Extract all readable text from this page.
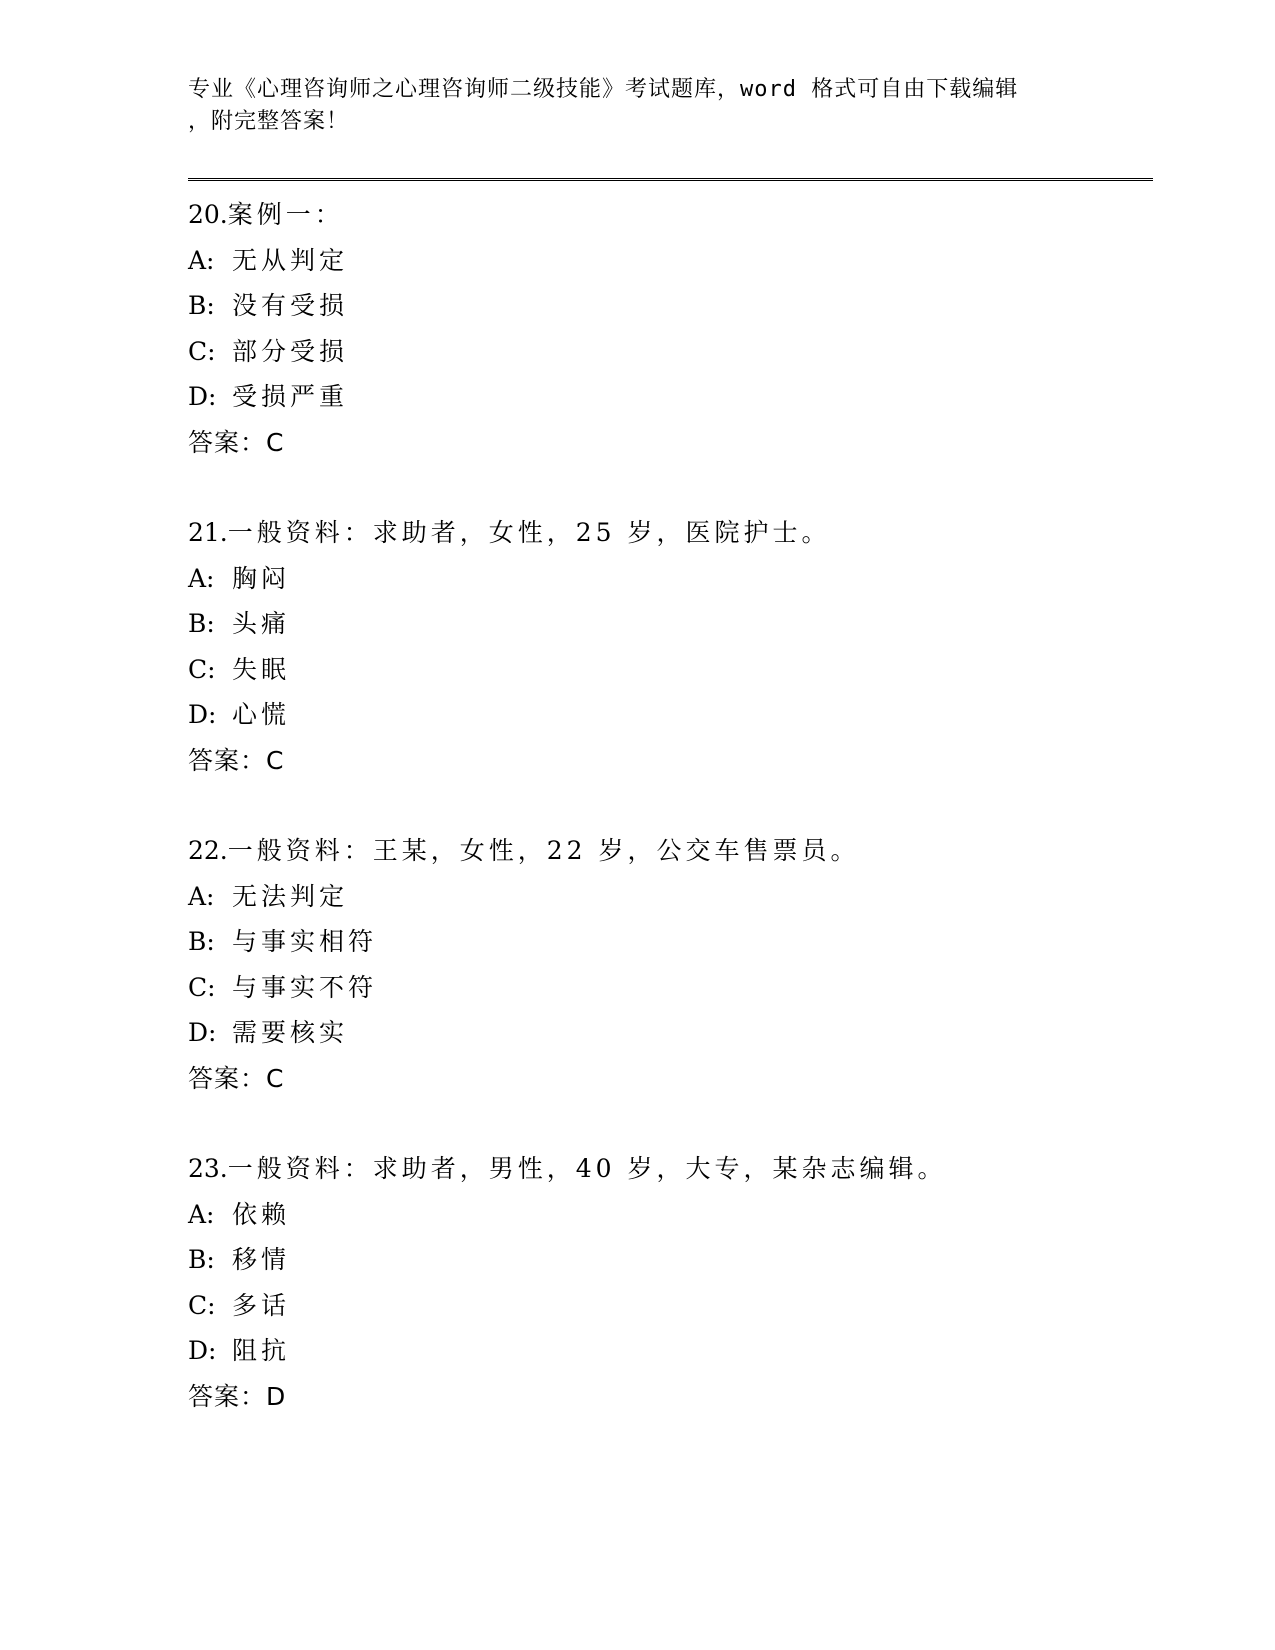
专业《心理咨询师之心理咨询师二级技能》考试题库，word 格式可自由下载编辑
，附完整答案！
20.案例一：
A: 无从判定
B: 没有受损
C: 部分受损
D: 受损严重
答案：C
21.一般资料：求助者，女性，25 岁，医院护士。
A: 胸闷
B: 头痛
C: 失眠
D: 心慌
答案：C
22.一般资料：王某，女性，22 岁，公交车售票员。
A: 无法判定
B: 与事实相符
C: 与事实不符
D: 需要核实
答案：C
23.一般资料：求助者，男性，40 岁，大专，某杂志编辑。
A: 依赖
B: 移情
C: 多话
D: 阻抗
答案：D
